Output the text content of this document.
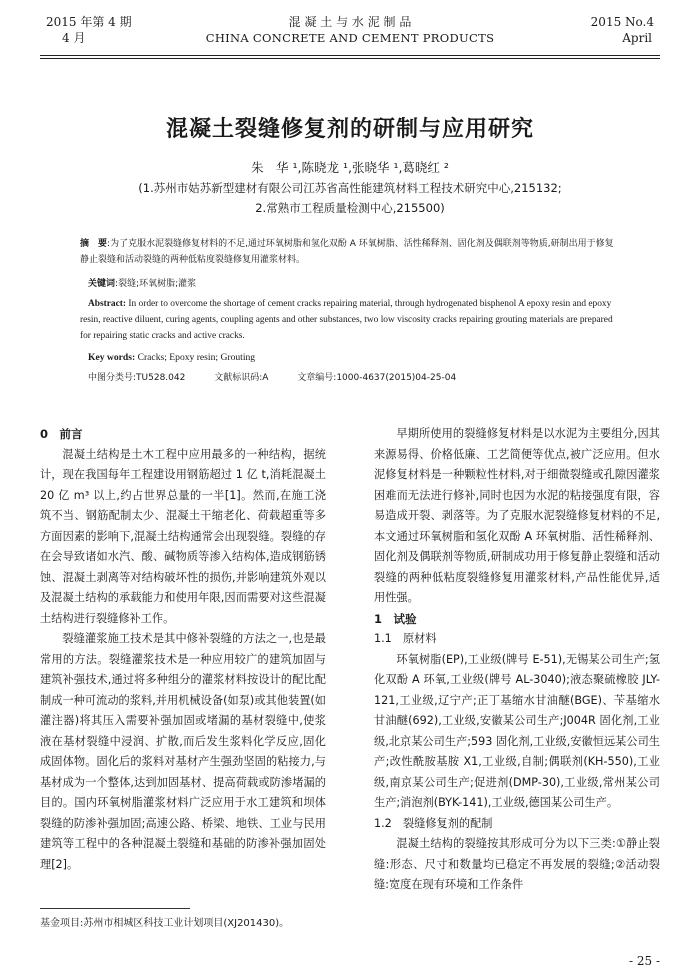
2015 年第 4 期
4 月
混 凝 土 与 水 泥 制 品
CHINA CONCRETE AND CEMENT PRODUCTS
2015 No.4
April
混凝土裂缝修复剂的研制与应用研究
朱　华 ¹,陈晓龙 ¹,张晓华 ¹,葛晓红 ²
(1.苏州市姑苏新型建材有限公司江苏省高性能建筑材料工程技术研究中心,215132;
2.常熟市工程质量检测中心,215500)
摘　要:为了克服水泥裂缝修复材料的不足,通过环氧树脂和氢化双酚 A 环氧树脂、活性稀释剂、固化剂及偶联剂等物质,研制出用于修复静止裂缝和活动裂缝的两种低粘度裂缝修复用灌浆材料。
关键词:裂缝;环氧树脂;灌浆
Abstract: In order to overcome the shortage of cement cracks repairing material, through hydrogenated bisphenol A epoxy resin and epoxy resin, reactive diluent, curing agents, coupling agents and other substances, two low viscosity cracks repairing grouting materials are prepared for repairing static cracks and active cracks.
Key words: Cracks; Epoxy resin; Grouting
中图分类号:TU528.042	文献标识码:A	文章编号:1000-4637(2015)04-25-04
0　前言

混凝土结构是土木工程中应用最多的一种结构，据统计，现在我国每年工程建设用钢筋超过 1 亿 t,消耗混凝土 20 亿 m³ 以上,约占世界总量的一半[1]。然而,在施工浇筑不当、钢筋配制太少、混凝土干缩老化、荷载超重等多方面因素的影响下,混凝土结构通常会出现裂缝。裂缝的存在会导致诸如水汽、酸、碱物质等渗入结构体,造成钢筋锈蚀、混凝土剥离等对结构破坏性的损伤,并影响建筑外观以及混凝土结构的承载能力和使用年限,因而需要对这些混凝土结构进行裂缝修补工作。

裂缝灌浆施工技术是其中修补裂缝的方法之一,也是最常用的方法。裂缝灌浆技术是一种应用较广的建筑加固与建筑补强技术,通过将多种组分的灌浆材料按设计的配比配制成一种可流动的浆料,并用机械设备(如泵)或其他装置(如灌注器)将其压入需要补强加固或堵漏的基材裂缝中,使浆液在基材裂缝中浸润、扩散,而后发生浆料化学反应,固化成固体物。固化后的浆料对基材产生强劲坚固的粘接力,与基材成为一个整体,达到加固基材、提高荷载或防渗堵漏的目的。国内环氧树脂灌浆材料广泛应用于水工建筑和坝体裂缝的防渗补强加固;高速公路、桥梁、地铁、工业与民用建筑等工程中的各种混凝土裂缝和基础的防渗补强加固处理[2]。

早期所使用的裂缝修复材料是以水泥为主要组分,因其来源易得、价格低廉、工艺简便等优点,被广泛应用。但水泥修复材料是一种颗粒性材料,对于细微裂缝或孔隙因灌浆困难而无法进行修补,同时也因为水泥的粘接强度有限，容易造成开裂、剥落等。为了克服水泥裂缝修复材料的不足,本文通过环氧树脂和氢化双酚 A 环氧树脂、活性稀释剂、固化剂及偶联剂等物质,研制成功用于修复静止裂缝和活动裂缝的两种低粘度裂缝修复用灌浆材料,产品性能优异,适用性强。

1　试验
1.1　原材料

环氧树脂(EP),工业级(牌号 E-51),无锡某公司生产;氢化双酚 A 环氧,工业级(牌号 AL-3040);液态聚硫橡胶 JLY-121,工业级,辽宁产;正丁基缩水甘油醚(BGE)、苄基缩水甘油醚(692),工业级,安徽某公司生产;J004R 固化剂,工业级,北京某公司生产;593 固化剂,工业级,安徽恒远某公司生产;改性酰胺基胺 X1,工业级,自制;偶联剂(KH-550),工业级,南京某公司生产;促进剂(DMP-30),工业级,常州某公司生产;消泡剂(BYK-141),工业级,德国某公司生产。

1.2　裂缝修复剂的配制

混凝土结构的裂缝按其形成可分为以下三类:①静止裂缝:形态、尺寸和数量均已稳定不再发展的裂缝;②活动裂缝:宽度在现有环境和工作条件

基金项目:苏州市相城区科技工业计划项目(XJ201430)。
- 25 -
